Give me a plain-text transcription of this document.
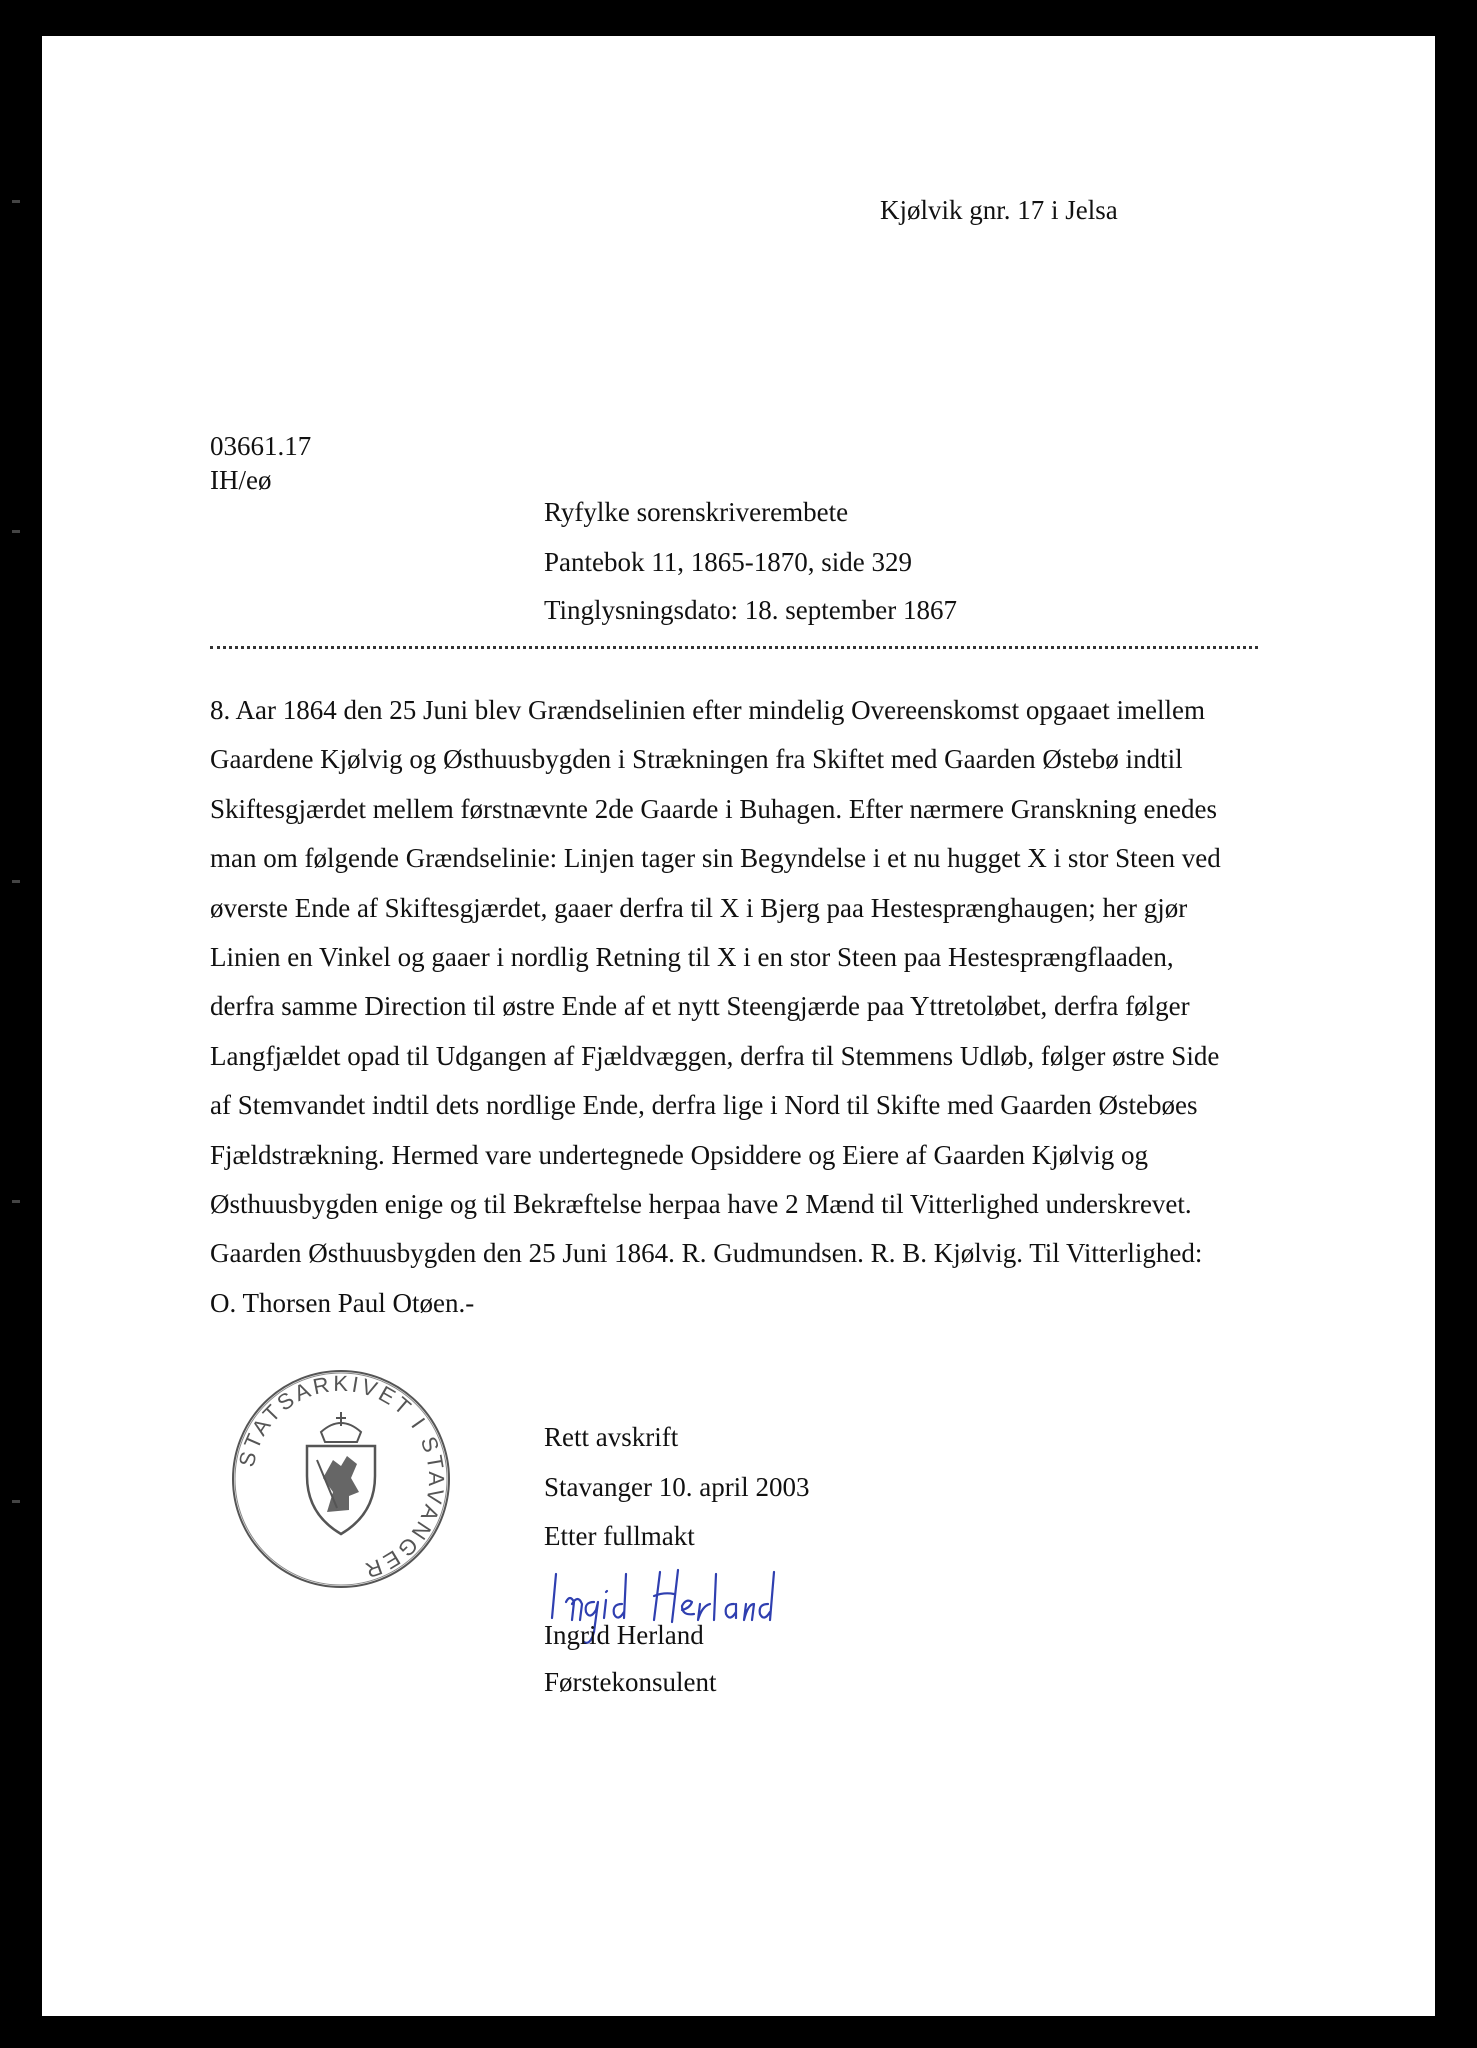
Kjølvik gnr. 17 i Jelsa
03661.17
IH/eø
Ryfylke sorenskriverembete
Pantebok 11, 1865-1870, side 329
Tinglysningsdato: 18. september 1867
8. Aar 1864 den 25 Juni blev Grændselinien efter mindelig Overeenskomst opgaaet imellem
Gaardene Kjølvig og Østhuusbygden i Strækningen fra Skiftet med Gaarden Østebø indtil
Skiftesgjærdet mellem førstnævnte 2de Gaarde i Buhagen. Efter nærmere Granskning enedes
man om følgende Grændselinie: Linjen tager sin Begyndelse i et nu hugget X i stor Steen ved
øverste Ende af Skiftesgjærdet, gaaer derfra til X i Bjerg paa Hestesprænghaugen; her gjør
Linien en Vinkel og gaaer i nordlig Retning til X i en stor Steen paa Hestesprængflaaden,
derfra samme Direction til østre Ende af et nytt Steengjærde paa Yttretoløbet, derfra følger
Langfjældet opad til Udgangen af Fjældvæggen, derfra til Stemmens Udløb, følger østre Side
af Stemvandet indtil dets nordlige Ende, derfra lige i Nord til Skifte med Gaarden Østebøes
Fjældstrækning. Hermed vare undertegnede Opsiddere og Eiere af Gaarden Kjølvig og
Østhuusbygden enige og til Bekræftelse herpaa have 2 Mænd til Vitterlighed underskrevet.
Gaarden Østhuusbygden den 25 Juni 1864. R. Gudmundsen. R. B. Kjølvig. Til Vitterlighed:
O. Thorsen Paul Otøen.-
STATSARKIVET I STAVANGER
Rett avskrift
Stavanger 10. april 2003
Etter fullmakt
Ingrid Herland
Førstekonsulent
